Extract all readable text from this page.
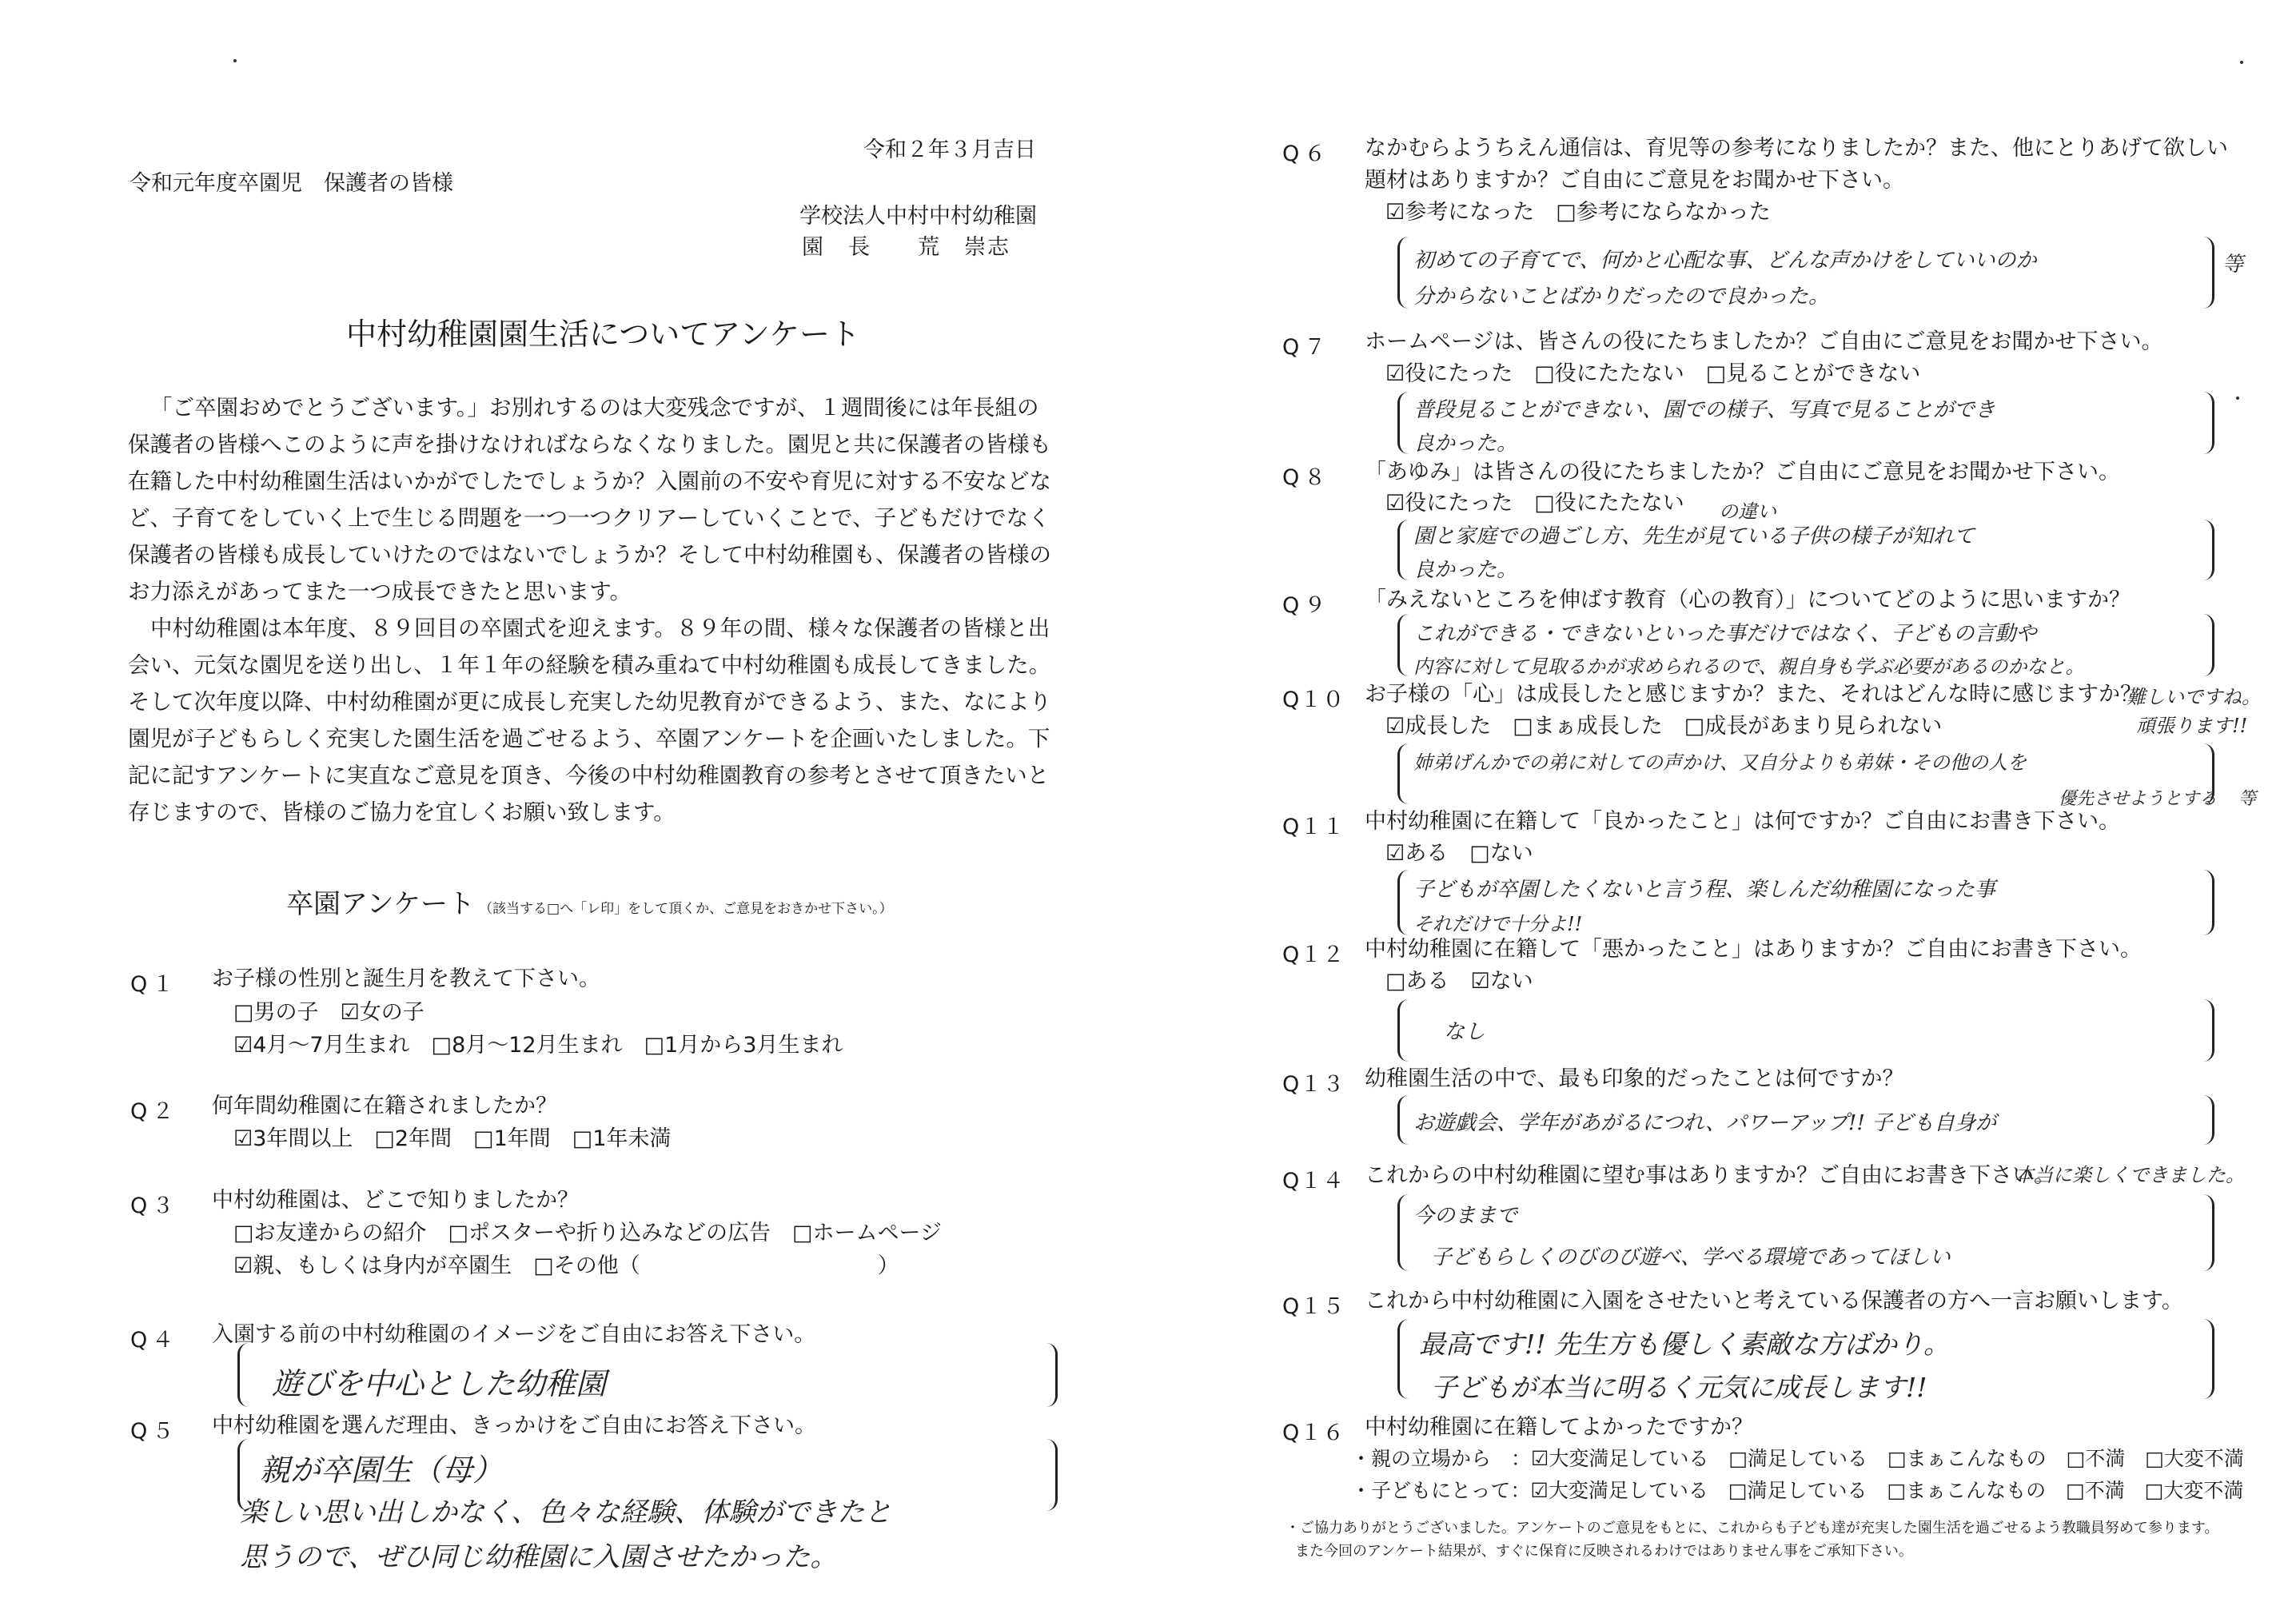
令和２年３月吉日
令和元年度卒園児　保護者の皆様
学校法人中村中村幼稚園
園　長　　荒　崇志
中村幼稚園園生活についてアンケート

「ご卒園おめでとうございます。」お別れするのは大変残念ですが、１週間後には年長組の保護者の皆様へこのように声を掛けなければならなくなりました。園児と共に保護者の皆様も在籍した中村幼稚園生活はいかがでしたでしょうか？入園前の不安や育児に対する不安などなど、子育てをしていく上で生じる問題を一つ一つクリアーしていくことで、子どもだけでなく保護者の皆様も成長していけたのではないでしょうか？そして中村幼稚園も、保護者の皆様のお力添えがあってまた一つ成長できたと思います。

中村幼稚園は本年度、８９回目の卒園式を迎えます。８９年の間、様々な保護者の皆様と出会い、元気な園児を送り出し、１年１年の経験を積み重ねて中村幼稚園も成長してきました。そして次年度以降、中村幼稚園が更に成長し充実した幼児教育ができるよう、また、なにより園児が子どもらしく充実した園生活を過ごせるよう、卒園アンケートを企画いたしました。下記に記すアンケートに実直なご意見を頂き、今後の中村幼稚園教育の参考とさせて頂きたいと存じますので、皆様のご協力を宜しくお願い致します。

卒園アンケート （該当する□へ「レ印」をして頂くか、ご意見をおきかせ下さい。）
Q１ お子様の性別と誕生月を教えて下さい。
□男の子　☑女の子
☑4月～7月生まれ　□8月～12月生まれ　□1月から3月生まれ
Q２ 何年間幼稚園に在籍されましたか？
☑3年間以上　□2年間　□1年間　□1年未満
Q３ 中村幼稚園は、どこで知りましたか？
□お友達からの紹介　□ポスターや折り込みなどの広告　□ホームページ
☑親、もしくは身内が卒園生　□その他（　　　　　　　　　　　）
Q４ 入園する前の中村幼稚園のイメージをご自由にお答え下さい。
遊びを中心とした幼稚園
Q５ 中村幼稚園を選んだ理由、きっかけをご自由にお答え下さい。
親が卒園生（母）
楽しい思い出しかなく、色々な経験、体験ができたと
思うので、ぜひ同じ幼稚園に入園させたかった。
Q６ なかむらようちえん通信は、育児等の参考になりましたか？また、他にとりあげて欲しい
題材はありますか？ご自由にご意見をお聞かせ下さい。
☑参考になった　□参考にならなかった
初めての子育てで、何かと心配な事、どんな声かけをしていいのか
分からないことばかりだったので良かった。
等
Q７ ホームページは、皆さんの役にたちましたか？ご自由にご意見をお聞かせ下さい。
☑役にたった　□役にたたない　□見ることができない
普段見ることができない、園での様子、写真で見ることができ
良かった。
Q８ 「あゆみ」は皆さんの役にたちましたか？ご自由にご意見をお聞かせ下さい。
☑役にたった　□役にたたない の違い
園と家庭での過ごし方、先生が見ている子供の様子が知れて
良かった。
Q９ 「みえないところを伸ばす教育（心の教育）」についてどのように思いますか？
これができる・できないといった事だけではなく、子どもの言動や
内容に対して見取るかが求められるので、親自身も学ぶ必要があるのかなと。
Q１０ お子様の「心」は成長したと感じますか？また、それはどんな時に感じますか？
難しいですね。
頑張ります!!
☑成長した　□まぁ成長した　□成長があまり見られない
姉弟げんかでの弟に対しての声かけ、又自分よりも弟妹・その他の人を
優先させようとする 等
Q１１ 中村幼稚園に在籍して「良かったこと」は何ですか？ご自由にお書き下さい。
☑ある　□ない
子どもが卒園したくないと言う程、楽しんだ幼稚園になった事
それだけで十分よ!!
Q１２ 中村幼稚園に在籍して「悪かったこと」はありますか？ご自由にお書き下さい。
□ある　☑ない
なし
Q１３ 幼稚園生活の中で、最も印象的だったことは何ですか？
お遊戯会、学年があがるにつれ、パワーアップ!! 子ども自身が
Q１４ これからの中村幼稚園に望む事はありますか？ご自由にお書き下さい。
本当に楽しくできました。
今のままで
子どもらしくのびのび遊べ、学べる環境であってほしい
Q１５ これから中村幼稚園に入園をさせたいと考えている保護者の方へ一言お願いします。
最高です!! 先生方も優しく素敵な方ばかり。
子どもが本当に明るく元気に成長します!!
Q１６ 中村幼稚園に在籍してよかったですか？
・親の立場から　：☑大変満足している　□満足している　□まぁこんなもの　□不満　□大変不満
・子どもにとって：☑大変満足している　□満足している　□まぁこんなもの　□不満　□大変不満
・ご協力ありがとうございました。アンケートのご意見をもとに、これからも子ども達が充実した園生活を過ごせるよう教職員努めて参ります。
また今回のアンケート結果が、すぐに保育に反映されるわけではありません事をご承知下さい。
